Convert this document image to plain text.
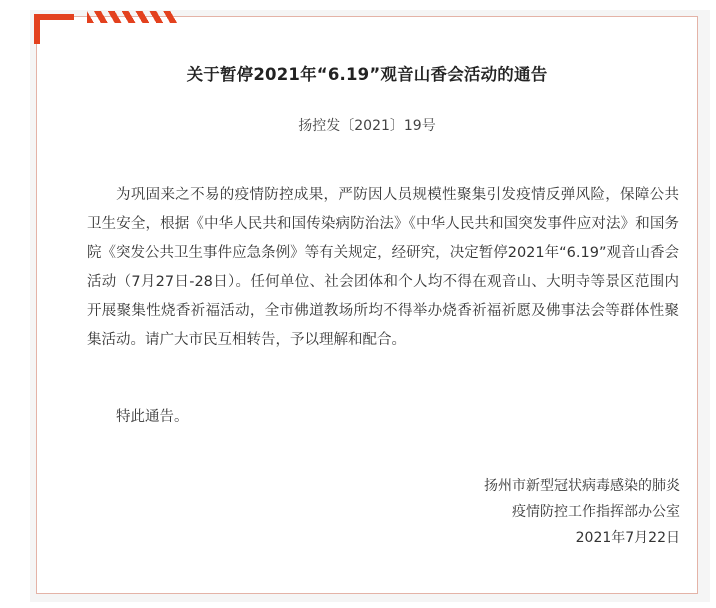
关于暂停2021年“6.19”观音山香会活动的通告
扬控发〔2021〕19号

为巩固来之不易的疫情防控成果，严防因人员规模性聚集引发疫情反弹风险，保障公共卫生安全，根据《中华人民共和国传染病防治法》《中华人民共和国突发事件应对法》和国务院《突发公共卫生事件应急条例》等有关规定，经研究，决定暂停2021年“6.19”观音山香会活动（7月27日-28日）。任何单位、社会团体和个人均不得在观音山、大明寺等景区范围内开展聚集性烧香祈福活动，全市佛道教场所均不得举办烧香祈福祈愿及佛事法会等群体性聚集活动。请广大市民互相转告，予以理解和配合。

特此通告。

扬州市新型冠状病毒感染的肺炎
疫情防控工作指挥部办公室
2021年7月22日
